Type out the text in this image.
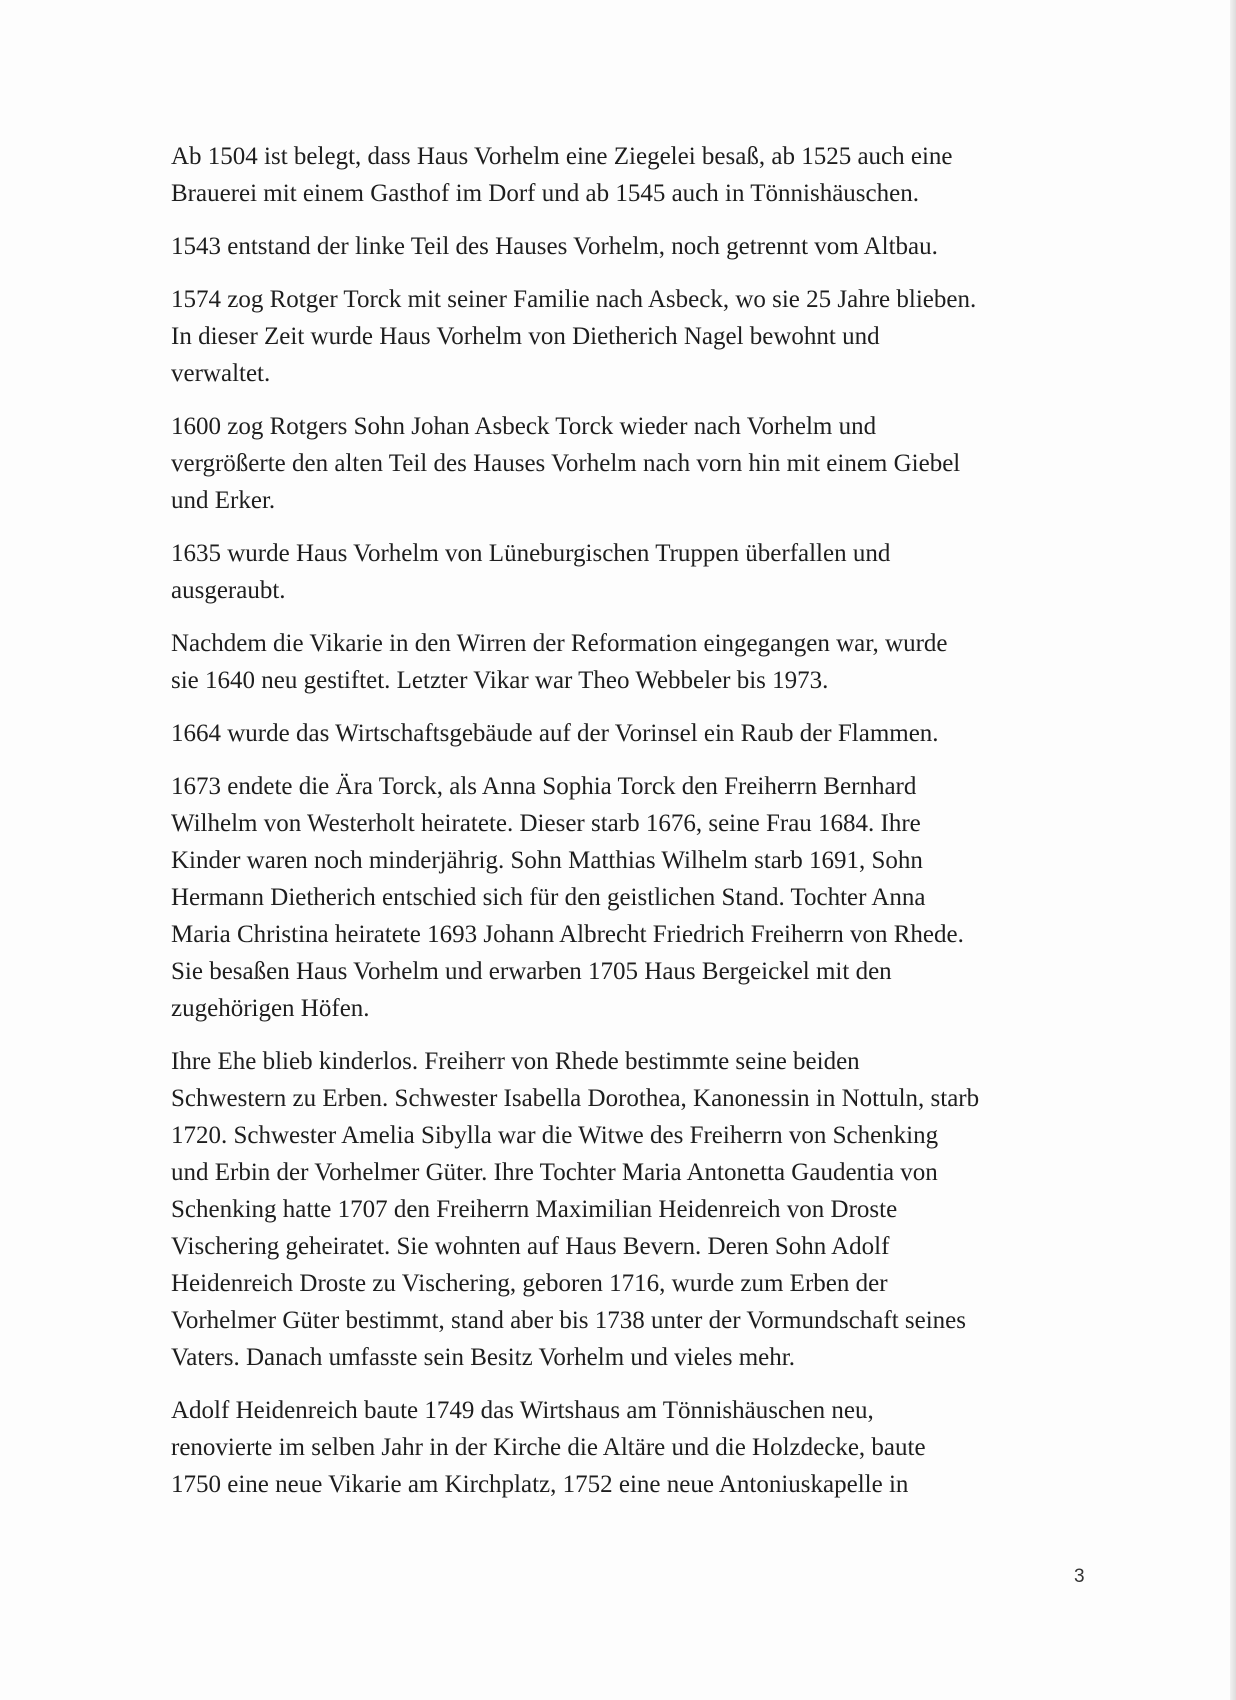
Ab 1504 ist belegt, dass Haus Vorhelm eine Ziegelei besaß, ab 1525 auch eine
Brauerei mit einem Gasthof im Dorf und ab 1545 auch in Tönnishäuschen.

1543 entstand der linke Teil des Hauses Vorhelm, noch getrennt vom Altbau.

1574 zog Rotger Torck mit seiner Familie nach Asbeck, wo sie 25 Jahre blieben.
In dieser Zeit wurde Haus Vorhelm von Dietherich Nagel bewohnt und
verwaltet.

1600 zog Rotgers Sohn Johan Asbeck Torck wieder nach Vorhelm und
vergrößerte den alten Teil des Hauses Vorhelm nach vorn hin mit einem Giebel
und Erker.

1635 wurde Haus Vorhelm von Lüneburgischen Truppen überfallen und
ausgeraubt.

Nachdem die Vikarie in den Wirren der Reformation eingegangen war, wurde
sie 1640 neu gestiftet. Letzter Vikar war Theo Webbeler bis 1973.

1664 wurde das Wirtschaftsgebäude auf der Vorinsel ein Raub der Flammen.

1673 endete die Ära Torck, als Anna Sophia Torck den Freiherrn Bernhard
Wilhelm von Westerholt heiratete. Dieser starb 1676, seine Frau 1684. Ihre
Kinder waren noch minderjährig. Sohn Matthias Wilhelm starb 1691, Sohn
Hermann Dietherich entschied sich für den geistlichen Stand. Tochter Anna
Maria Christina heiratete 1693 Johann Albrecht Friedrich Freiherrn von Rhede.
Sie besaßen Haus Vorhelm und erwarben 1705 Haus Bergeickel mit den
zugehörigen Höfen.

Ihre Ehe blieb kinderlos. Freiherr von Rhede bestimmte seine beiden
Schwestern zu Erben. Schwester Isabella Dorothea, Kanonessin in Nottuln, starb
1720. Schwester Amelia Sibylla war die Witwe des Freiherrn von Schenking
und Erbin der Vorhelmer Güter. Ihre Tochter Maria Antonetta Gaudentia von
Schenking hatte 1707 den Freiherrn Maximilian Heidenreich von Droste
Vischering geheiratet. Sie wohnten auf Haus Bevern. Deren Sohn Adolf
Heidenreich Droste zu Vischering, geboren 1716, wurde zum Erben der
Vorhelmer Güter bestimmt, stand aber bis 1738 unter der Vormundschaft seines
Vaters. Danach umfasste sein Besitz Vorhelm und vieles mehr.

Adolf Heidenreich baute 1749 das Wirtshaus am Tönnishäuschen neu,
renovierte im selben Jahr in der Kirche die Altäre und die Holzdecke, baute
1750 eine neue Vikarie am Kirchplatz, 1752 eine neue Antoniuskapelle in

3
